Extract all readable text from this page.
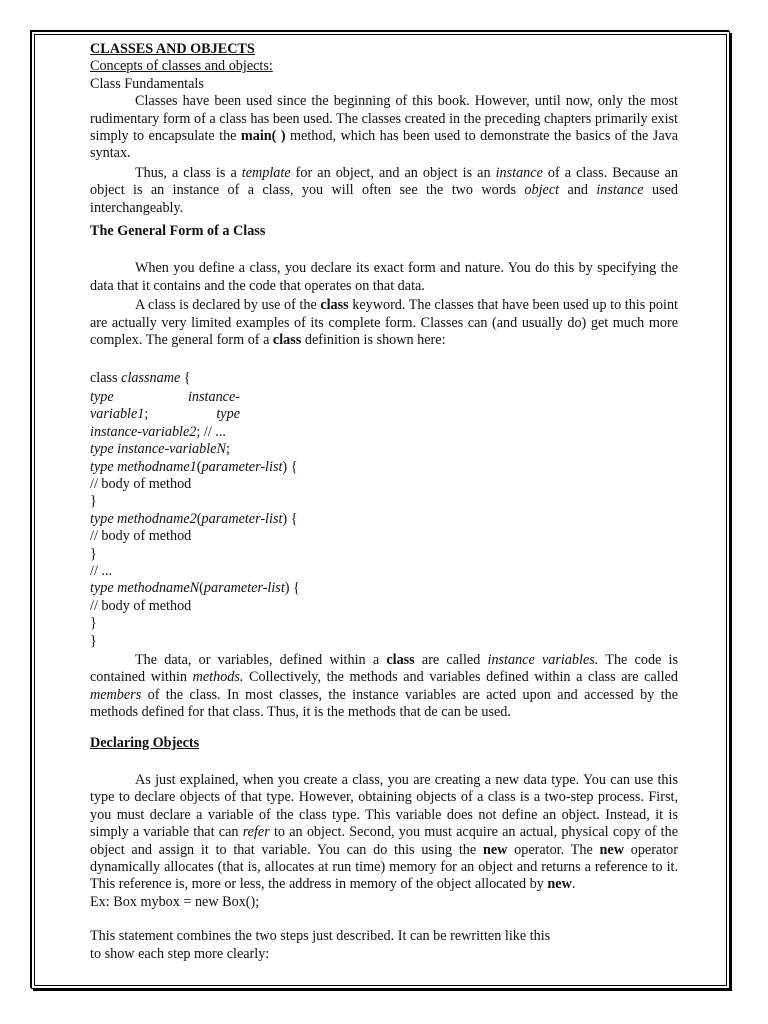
CLASSES AND OBJECTS

Concepts of classes and objects:

Class Fundamentals

Classes have been used since the beginning of this book. However, until now, only the most rudimentary form of a class has been used. The classes created in the preceding chapters primarily exist simply to encapsulate the main( ) method, which has been used to demonstrate the basics of the Java syntax.

Thus, a class is a template for an object, and an object is an instance of a class. Because an object is an instance of a class, you will often see the two words object and instance used interchangeably.

The General Form of a Class

When you define a class, you declare its exact form and nature. You do this by specifying the data that it contains and the code that operates on that data.

A class is declared by use of the class keyword. The classes that have been used up to this point are actually very limited examples of its complete form. Classes can (and usually do) get much more complex. The general form of a class definition is shown here:

class classname {

type	instance-

variable1;	type

instance-variable2; // ...

type instance-variableN;

type methodname1(parameter-list) {

// body of method

}

type methodname2(parameter-list) {

// body of method

}

// ...

type methodnameN(parameter-list) {

// body of method

}

}

The data, or variables, defined within a class are called instance variables. The code is contained within methods. Collectively, the methods and variables defined within a class are called members of the class. In most classes, the instance variables are acted upon and accessed by the methods defined for that class. Thus, it is the methods that de can be used.

Declaring Objects

As just explained, when you create a class, you are creating a new data type. You can use this type to declare objects of that type. However, obtaining objects of a class is a two-step process. First, you must declare a variable of the class type. This variable does not define an object. Instead, it is simply a variable that can refer to an object. Second, you must acquire an actual, physical copy of the object and assign it to that variable. You can do this using the new operator. The new operator dynamically allocates (that is, allocates at run time) memory for an object and returns a reference to it. This reference is, more or less, the address in memory of the object allocated by new.

Ex: Box mybox = new Box();

This statement combines the two steps just described. It can be rewritten like this

to show each step more clearly:
